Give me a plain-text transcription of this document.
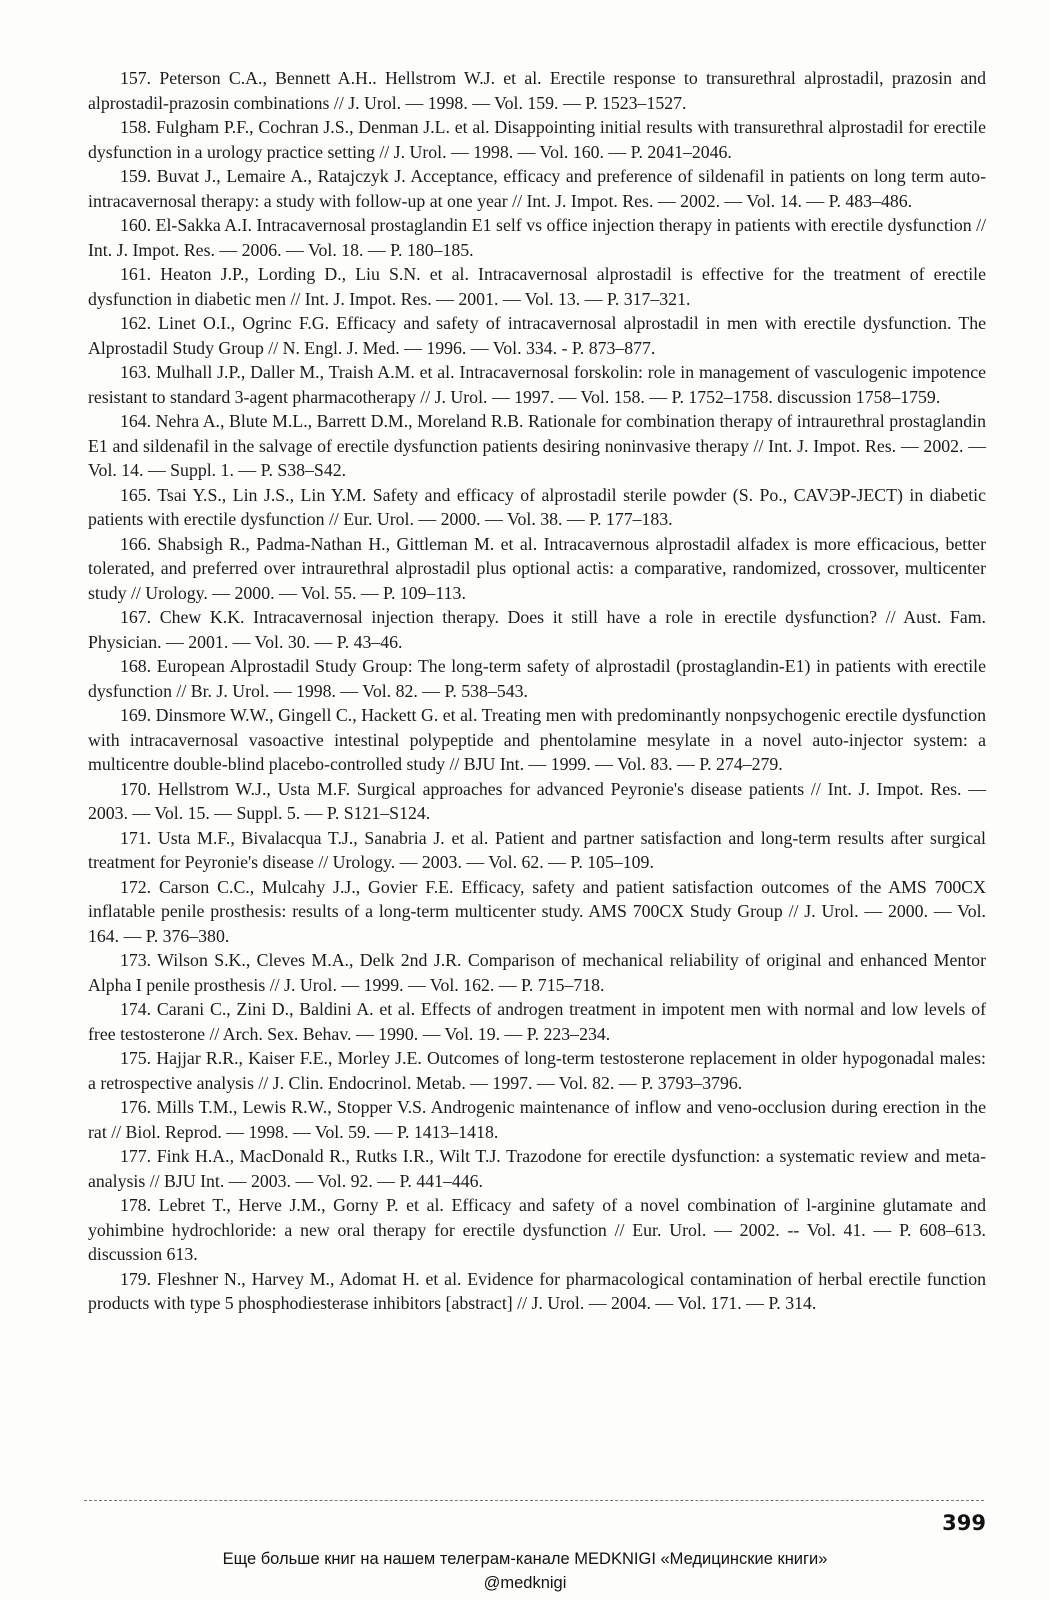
157. Peterson C.A., Bennett A.H.. Hellstrom W.J. et al. Erectile response to transurethral alprostadil, prazosin and alprostadil-prazosin combinations // J. Urol. — 1998. — Vol. 159. — P. 1523–1527.
158. Fulgham P.F., Cochran J.S., Denman J.L. et al. Disappointing initial results with transurethral alprostadil for erectile dysfunction in a urology practice setting // J. Urol. — 1998. — Vol. 160. — P. 2041–2046.
159. Buvat J., Lemaire A., Ratajczyk J. Acceptance, efficacy and preference of sildenafil in patients on long term auto-intracavernosal therapy: a study with follow-up at one year // Int. J. Impot. Res. — 2002. — Vol. 14. — P. 483–486.
160. El-Sakka A.I. Intracavernosal prostaglandin E1 self vs office injection therapy in patients with erectile dysfunction // Int. J. Impot. Res. — 2006. — Vol. 18. — P. 180–185.
161. Heaton J.P., Lording D., Liu S.N. et al. Intracavernosal alprostadil is effective for the treatment of erectile dysfunction in diabetic men // Int. J. Impot. Res. — 2001. — Vol. 13. — P. 317–321.
162. Linet O.I., Ogrinc F.G. Efficacy and safety of intracavernosal alprostadil in men with erectile dysfunction. The Alprostadil Study Group // N. Engl. J. Med. — 1996. — Vol. 334. - P. 873–877.
163. Mulhall J.P., Daller M., Traish A.M. et al. Intracavernosal forskolin: role in management of vasculogenic impotence resistant to standard 3-agent pharmacotherapy // J. Urol. — 1997. — Vol. 158. — P. 1752–1758. discussion 1758–1759.
164. Nehra A., Blute M.L., Barrett D.M., Moreland R.B. Rationale for combination therapy of intraurethral prostaglandin E1 and sildenafil in the salvage of erectile dysfunction patients desiring noninvasive therapy // Int. J. Impot. Res. — 2002. — Vol. 14. — Suppl. 1. — P. S38–S42.
165. Tsai Y.S., Lin J.S., Lin Y.M. Safety and efficacy of alprostadil sterile powder (S. Po., CAVЭP-JECT) in diabetic patients with erectile dysfunction // Eur. Urol. — 2000. — Vol. 38. — P. 177–183.
166. Shabsigh R., Padma-Nathan H., Gittleman M. et al. Intracavernous alprostadil alfadex is more efficacious, better tolerated, and preferred over intraurethral alprostadil plus optional actis: a comparative, randomized, crossover, multicenter study // Urology. — 2000. — Vol. 55. — P. 109–113.
167. Chew K.K. Intracavernosal injection therapy. Does it still have a role in erectile dysfunction? // Aust. Fam. Physician. — 2001. — Vol. 30. — P. 43–46.
168. European Alprostadil Study Group: The long-term safety of alprostadil (prostaglandin-E1) in patients with erectile dysfunction // Br. J. Urol. — 1998. — Vol. 82. — P. 538–543.
169. Dinsmore W.W., Gingell C., Hackett G. et al. Treating men with predominantly nonpsychogenic erectile dysfunction with intracavernosal vasoactive intestinal polypeptide and phentolamine mesylate in a novel auto-injector system: a multicentre double-blind placebo-controlled study // BJU Int. — 1999. — Vol. 83. — P. 274–279.
170. Hellstrom W.J., Usta M.F. Surgical approaches for advanced Peyronie's disease patients // Int. J. Impot. Res. — 2003. — Vol. 15. — Suppl. 5. — P. S121–S124.
171. Usta M.F., Bivalacqua T.J., Sanabria J. et al. Patient and partner satisfaction and long-term results after surgical treatment for Peyronie's disease // Urology. — 2003. — Vol. 62. — P. 105–109.
172. Carson C.C., Mulcahy J.J., Govier F.E. Efficacy, safety and patient satisfaction outcomes of the AMS 700CX inflatable penile prosthesis: results of a long-term multicenter study. AMS 700CX Study Group // J. Urol. — 2000. — Vol. 164. — P. 376–380.
173. Wilson S.K., Cleves M.A., Delk 2nd J.R. Comparison of mechanical reliability of original and enhanced Mentor Alpha I penile prosthesis // J. Urol. — 1999. — Vol. 162. — P. 715–718.
174. Carani C., Zini D., Baldini A. et al. Effects of androgen treatment in impotent men with normal and low levels of free testosterone // Arch. Sex. Behav. — 1990. — Vol. 19. — P. 223–234.
175. Hajjar R.R., Kaiser F.E., Morley J.E. Outcomes of long-term testosterone replacement in older hypogonadal males: a retrospective analysis // J. Clin. Endocrinol. Metab. — 1997. — Vol. 82. — P. 3793–3796.
176. Mills T.M., Lewis R.W., Stopper V.S. Androgenic maintenance of inflow and veno-occlusion during erection in the rat // Biol. Reprod. — 1998. — Vol. 59. — P. 1413–1418.
177. Fink H.A., MacDonald R., Rutks I.R., Wilt T.J. Trazodone for erectile dysfunction: a systematic review and meta-analysis // BJU Int. — 2003. — Vol. 92. — P. 441–446.
178. Lebret T., Herve J.M., Gorny P. et al. Efficacy and safety of a novel combination of l-arginine glutamate and yohimbine hydrochloride: a new oral therapy for erectile dysfunction // Eur. Urol. — 2002. -- Vol. 41. — P. 608–613. discussion 613.
179. Fleshner N., Harvey M., Adomat H. et al. Evidence for pharmacological contamination of herbal erectile function products with type 5 phosphodiesterase inhibitors [abstract] // J. Urol. — 2004. — Vol. 171. — P. 314.
399
Еще больше книг на нашем телеграм-канале MEDKNIGI «Медицинские книги»
@medknigi
